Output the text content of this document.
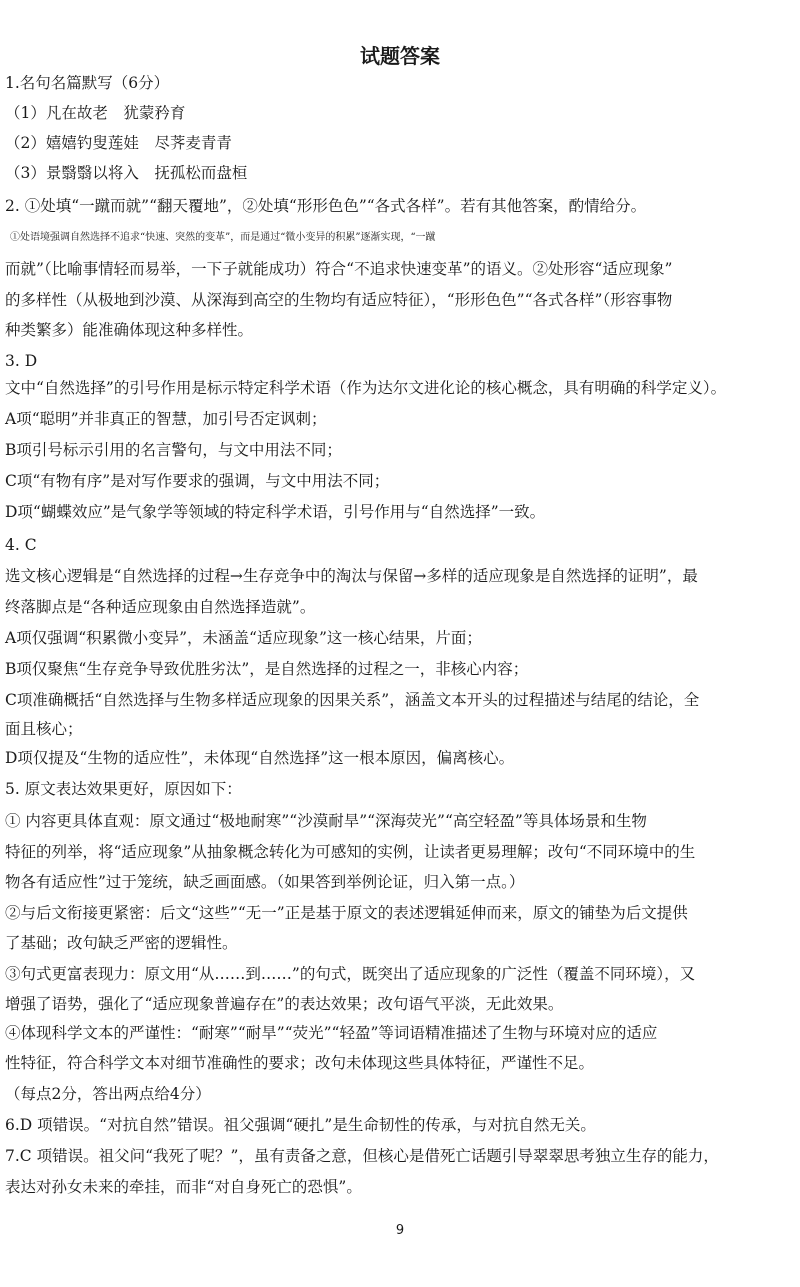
试题答案
1.名句名篇默写（6分）
（1）凡在故老　犹蒙矜育
（2）嬉嬉钓叟莲娃　尽荠麦青青
（3）景翳翳以将入　抚孤松而盘桓
2. ①处填“一蹴而就”“翻天覆地”，②处填“形形色色”“各式各样”。若有其他答案，酌情给分。
①处语境强调自然选择不追求“快速、突然的变革”，而是通过“微小变异的积累”逐渐实现，“一蹴
而就”（比喻事情轻而易举，一下子就能成功）符合“不追求快速变革”的语义。②处形容“适应现象”
的多样性（从极地到沙漠、从深海到高空的生物均有适应特征），“形形色色”“各式各样”（形容事物
种类繁多）能准确体现这种多样性。
3. D
文中“自然选择”的引号作用是标示特定科学术语（作为达尔文进化论的核心概念，具有明确的科学定义）。
A项“聪明”并非真正的智慧，加引号否定讽刺；
B项引号标示引用的名言警句，与文中用法不同；
C项“有物有序”是对写作要求的强调，与文中用法不同；
D项“蝴蝶效应”是气象学等领域的特定科学术语，引号作用与“自然选择”一致。
4. C
选文核心逻辑是“自然选择的过程→生存竞争中的淘汰与保留→多样的适应现象是自然选择的证明”，最
终落脚点是“各种适应现象由自然选择造就”。
A项仅强调“积累微小变异”，未涵盖“适应现象”这一核心结果，片面；
B项仅聚焦“生存竞争导致优胜劣汰”，是自然选择的过程之一，非核心内容；
C项准确概括“自然选择与生物多样适应现象的因果关系”，涵盖文本开头的过程描述与结尾的结论，全
面且核心；
D项仅提及“生物的适应性”，未体现“自然选择”这一根本原因，偏离核心。
5. 原文表达效果更好，原因如下：
① 内容更具体直观：原文通过“极地耐寒”“沙漠耐旱”“深海荧光”“高空轻盈”等具体场景和生物
特征的列举，将“适应现象”从抽象概念转化为可感知的实例，让读者更易理解；改句“不同环境中的生
物各有适应性”过于笼统，缺乏画面感。（如果答到举例论证，归入第一点。）
②与后文衔接更紧密：后文“这些”“无一”正是基于原文的表述逻辑延伸而来，原文的铺垫为后文提供
了基础；改句缺乏严密的逻辑性。
③句式更富表现力：原文用“从……到……”的句式，既突出了适应现象的广泛性（覆盖不同环境），又
增强了语势，强化了“适应现象普遍存在”的表达效果；改句语气平淡，无此效果。
④体现科学文本的严谨性：“耐寒”“耐旱”“荧光”“轻盈”等词语精准描述了生物与环境对应的适应
性特征，符合科学文本对细节准确性的要求；改句未体现这些具体特征，严谨性不足。
（每点2分，答出两点给4分）
6.D 项错误。“对抗自然”错误。祖父强调“硬扎”是生命韧性的传承，与对抗自然无关。
7.C 项错误。祖父问“我死了呢？”，虽有责备之意，但核心是借死亡话题引导翠翠思考独立生存的能力，
表达对孙女未来的牵挂，而非“对自身死亡的恐惧”。
9
